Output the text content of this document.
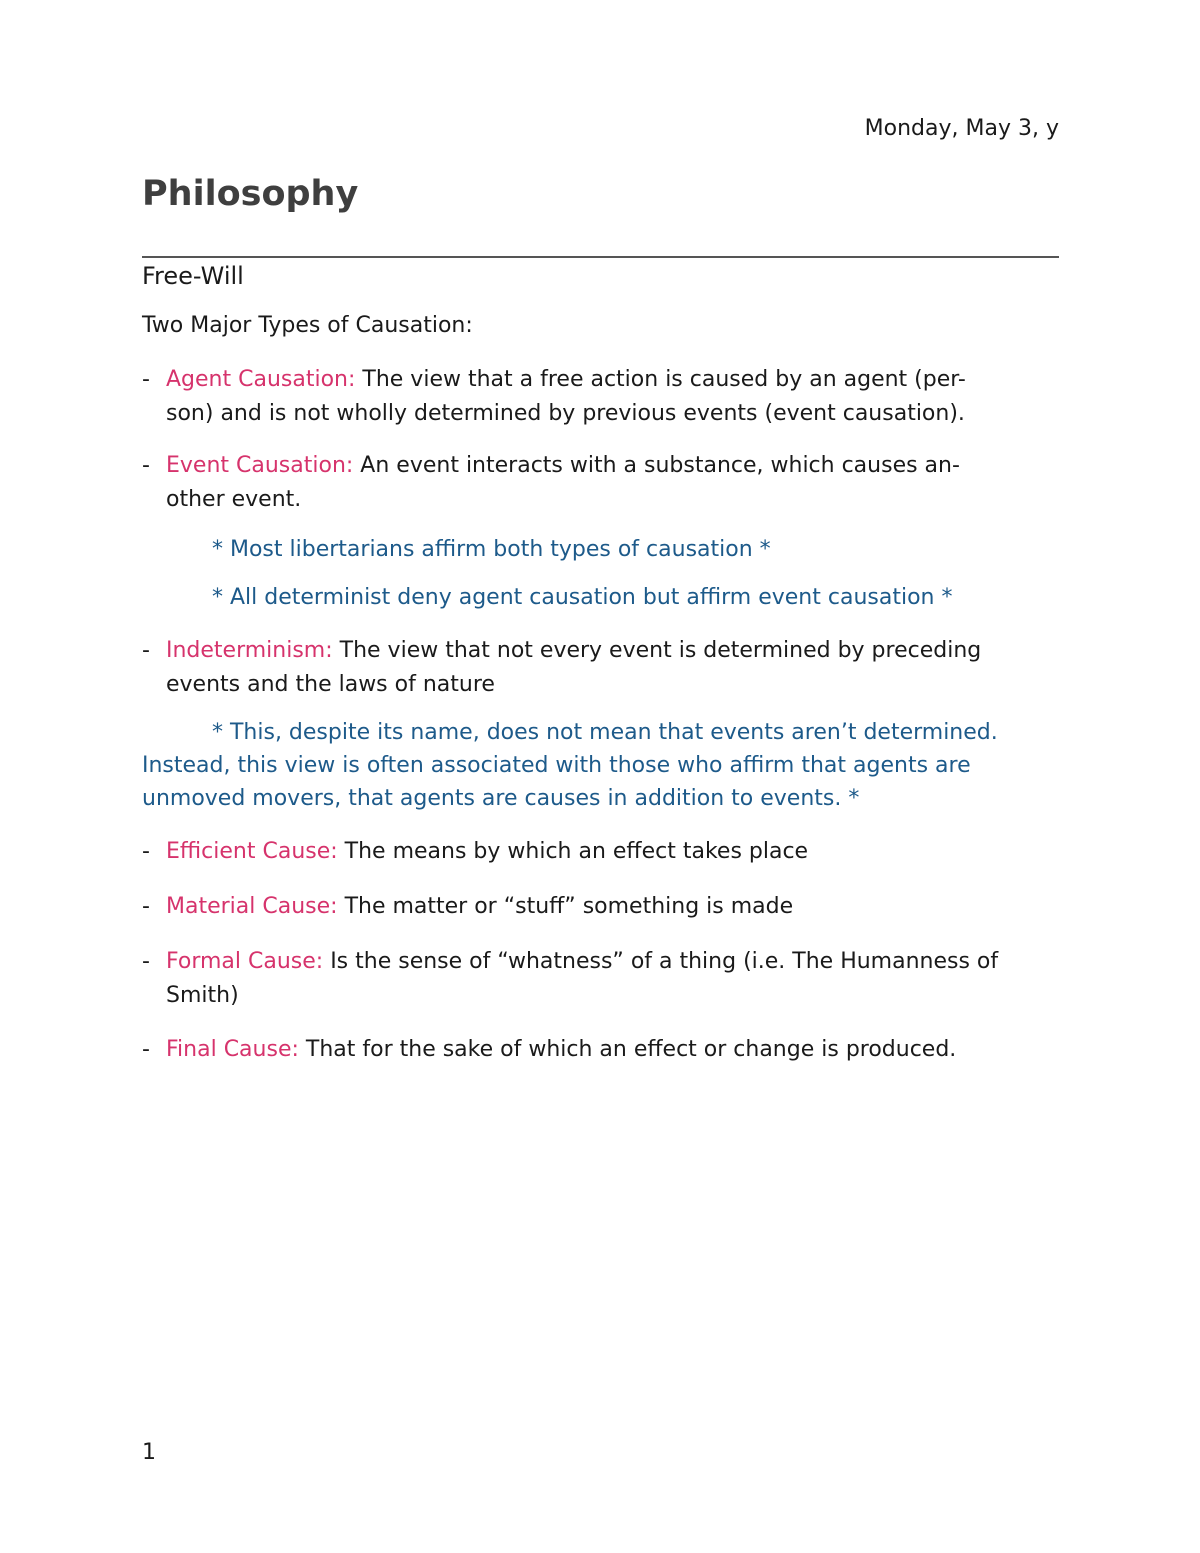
Monday, May 3, y
Philosophy
Free-Will
Two Major Types of Causation:
- Agent Causation: The view that a free action is caused by an agent (per-
son) and is not wholly determined by previous events (event causation).
- Event Causation: An event interacts with a substance, which causes an-
other event.
* Most libertarians affirm both types of causation *
* All determinist deny agent causation but affirm event causation *
- Indeterminism: The view that not every event is determined by preceding
events and the laws of nature
* This, despite its name, does not mean that events aren’t determined.
Instead, this view is often associated with those who affirm that agents are
unmoved movers, that agents are causes in addition to events. *
- Efficient Cause: The means by which an effect takes place
- Material Cause: The matter or “stuff” something is made
- Formal Cause: Is the sense of “whatness” of a thing (i.e. The Humanness of
Smith)
- Final Cause: That for the sake of which an effect or change is produced.
1
